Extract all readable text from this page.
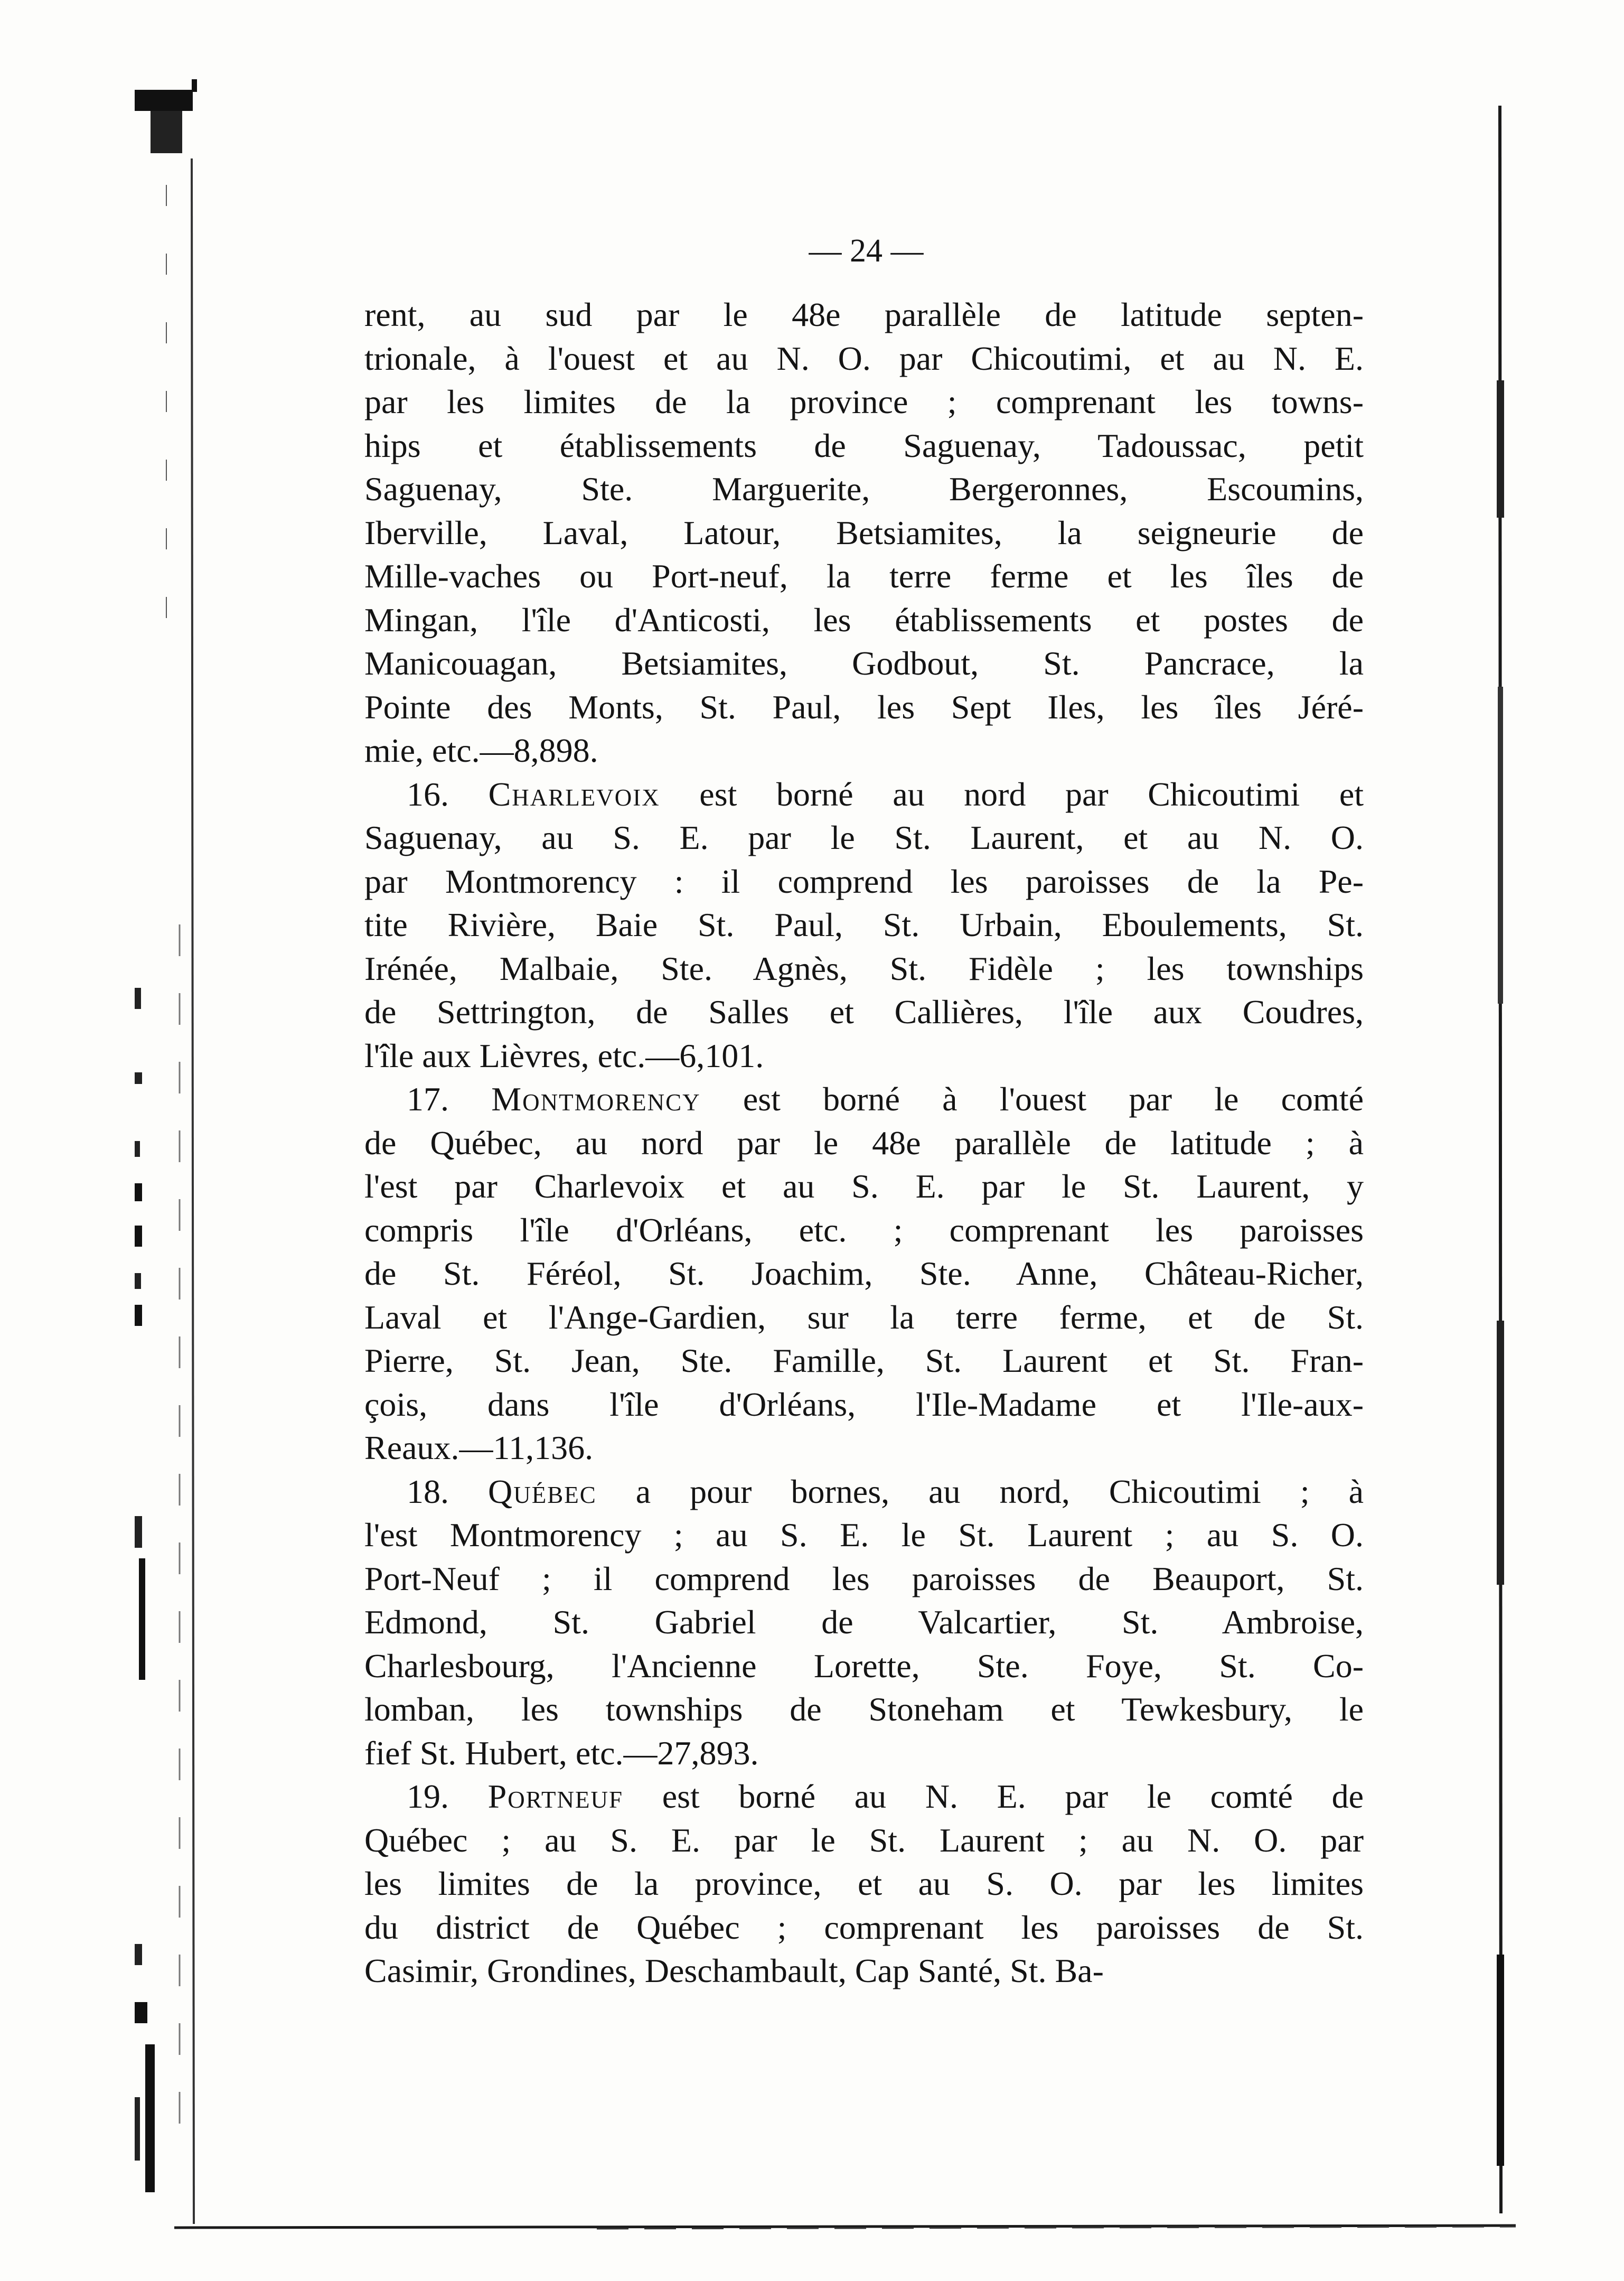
— 24 —
rent, au sud par le 48e parallèle de latitude septen-
trionale, à l'ouest et au N. O. par Chicoutimi, et au N. E.
par les limites de la province ; comprenant les towns-
hips et établissements de Saguenay, Tadoussac, petit
Saguenay, Ste. Marguerite, Bergeronnes, Escoumins,
Iberville, Laval, Latour, Betsiamites, la seigneurie de
Mille-vaches ou Port-neuf, la terre ferme et les îles de
Mingan, l'île d'Anticosti, les établissements et postes de
Manicouagan, Betsiamites, Godbout, St. Pancrace, la
Pointe des Monts, St. Paul, les Sept Iles, les îles Jéré-
mie, etc.—8,898.
16. Charlevoix est borné au nord par Chicoutimi et
Saguenay, au S. E. par le St. Laurent, et au N. O.
par Montmorency : il comprend les paroisses de la Pe-
tite Rivière, Baie St. Paul, St. Urbain, Eboulements, St.
Irénée, Malbaie, Ste. Agnès, St. Fidèle ; les townships
de Settrington, de Salles et Callières, l'île aux Coudres,
l'île aux Lièvres, etc.—6,101.
17. Montmorency est borné à l'ouest par le comté
de Québec, au nord par le 48e parallèle de latitude ; à
l'est par Charlevoix et au S. E. par le St. Laurent, y
compris l'île d'Orléans, etc. ; comprenant les paroisses
de St. Féréol, St. Joachim, Ste. Anne, Château-Richer,
Laval et l'Ange-Gardien, sur la terre ferme, et de St.
Pierre, St. Jean, Ste. Famille, St. Laurent et St. Fran-
çois, dans l'île d'Orléans, l'Ile-Madame et l'Ile-aux-
Reaux.—11,136.
18. Québec a pour bornes, au nord, Chicoutimi ; à
l'est Montmorency ; au S. E. le St. Laurent ; au S. O.
Port-Neuf ; il comprend les paroisses de Beauport, St.
Edmond, St. Gabriel de Valcartier, St. Ambroise,
Charlesbourg, l'Ancienne Lorette, Ste. Foye, St. Co-
lomban, les townships de Stoneham et Tewkesbury, le
fief St. Hubert, etc.—27,893.
19. Portneuf est borné au N. E. par le comté de
Québec ; au S. E. par le St. Laurent ; au N. O. par
les limites de la province, et au S. O. par les limites
du district de Québec ; comprenant les paroisses de St.
Casimir, Grondines, Deschambault, Cap Santé, St. Ba-
